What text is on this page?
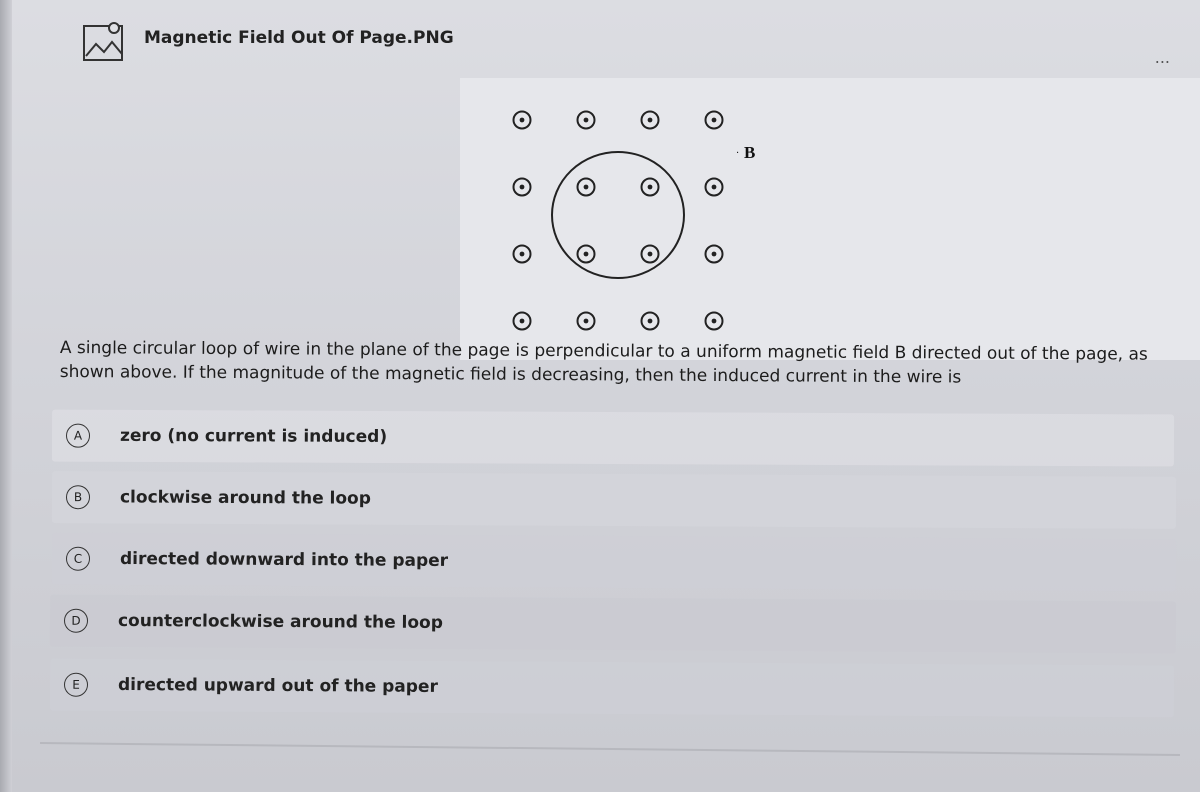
Magnetic Field Out Of Page.PNG
...
B
·
A single circular loop of wire in the plane of the page is perpendicular to a uniform magnetic field B directed out of the page, as shown above. If the magnitude of the magnetic field is decreasing, then the induced current in the wire is
A	zero (no current is induced)
B	clockwise around the loop
C	directed downward into the paper
D	counterclockwise around the loop
E	directed upward out of the paper
